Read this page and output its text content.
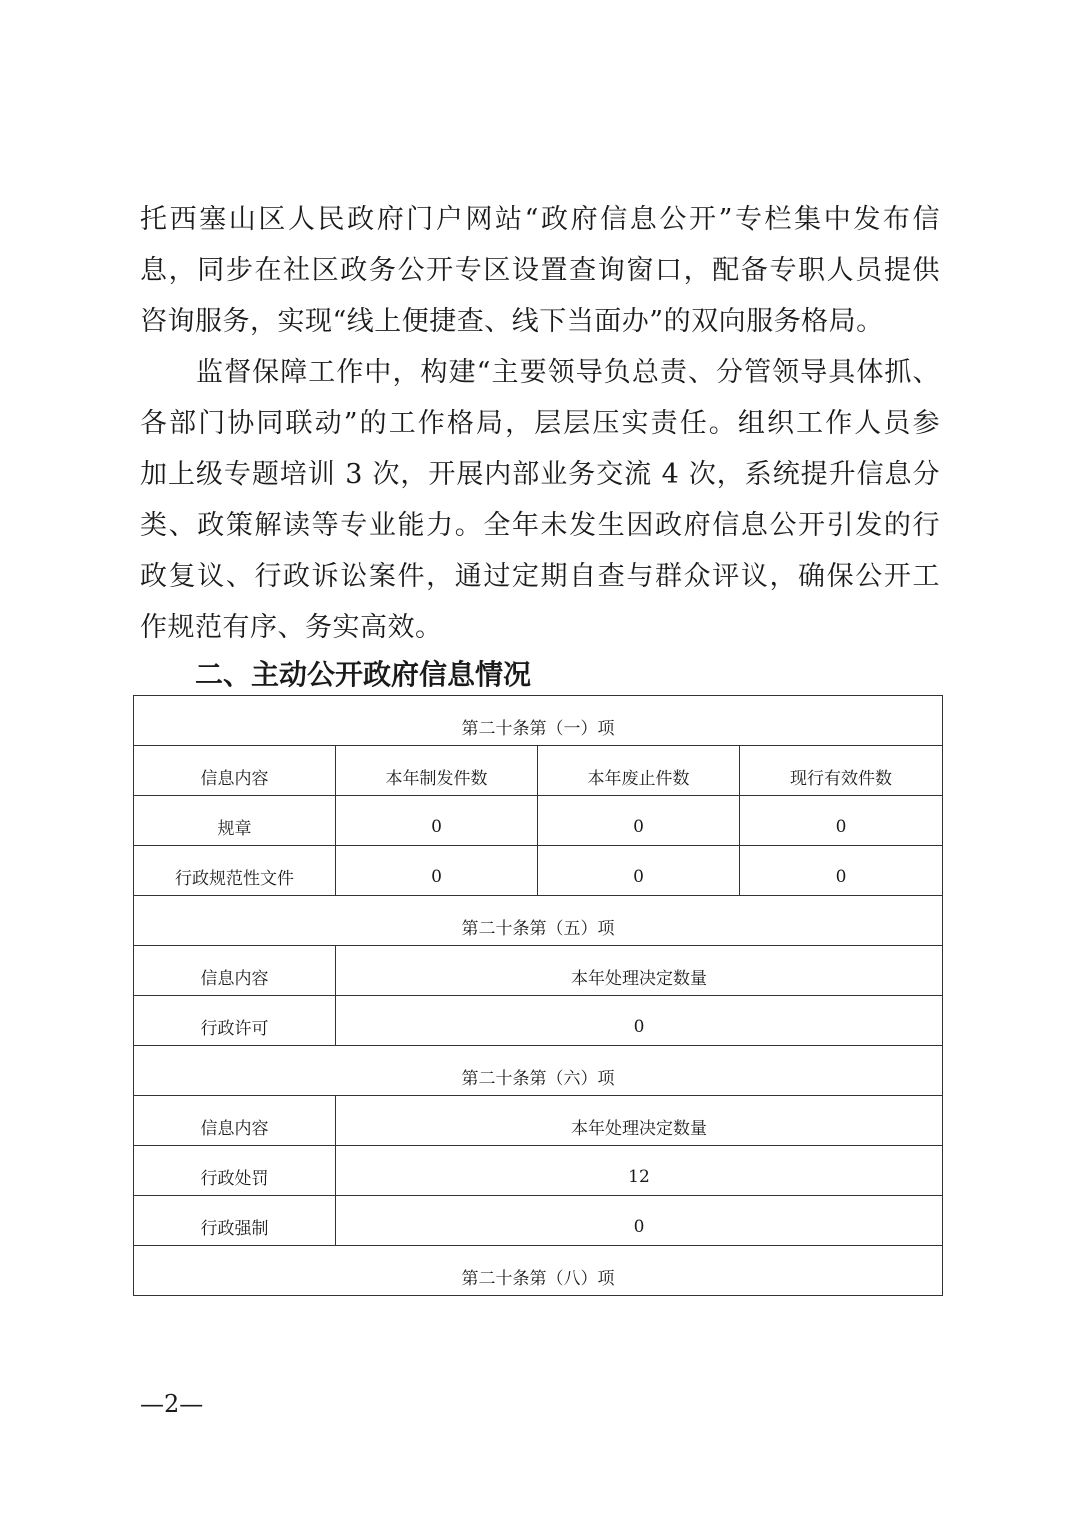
托西塞山区人民政府门户网站“政府信息公开”专栏集中发布信
息，同步在社区政务公开专区设置查询窗口，配备专职人员提供
咨询服务，实现“线上便捷查、线下当面办”的双向服务格局。
监督保障工作中，构建“主要领导负总责、分管领导具体抓、
各部门协同联动”的工作格局，层层压实责任。组织工作人员参
加上级专题培训 3 次，开展内部业务交流 4 次，系统提升信息分
类、政策解读等专业能力。全年未发生因政府信息公开引发的行
政复议、行政诉讼案件，通过定期自查与群众评议，确保公开工
作规范有序、务实高效。
二、主动公开政府信息情况
第二十条第（一）项			
信息内容	本年制发件数	本年废止件数	现行有效件数
规章	0	0	0
行政规范性文件	0	0	0
第二十条第（五）项			
信息内容	本年处理决定数量		
行政许可	0		
第二十条第（六）项			
信息内容	本年处理决定数量		
行政处罚	12		
行政强制	0		
第二十条第（八）项			
—2—
